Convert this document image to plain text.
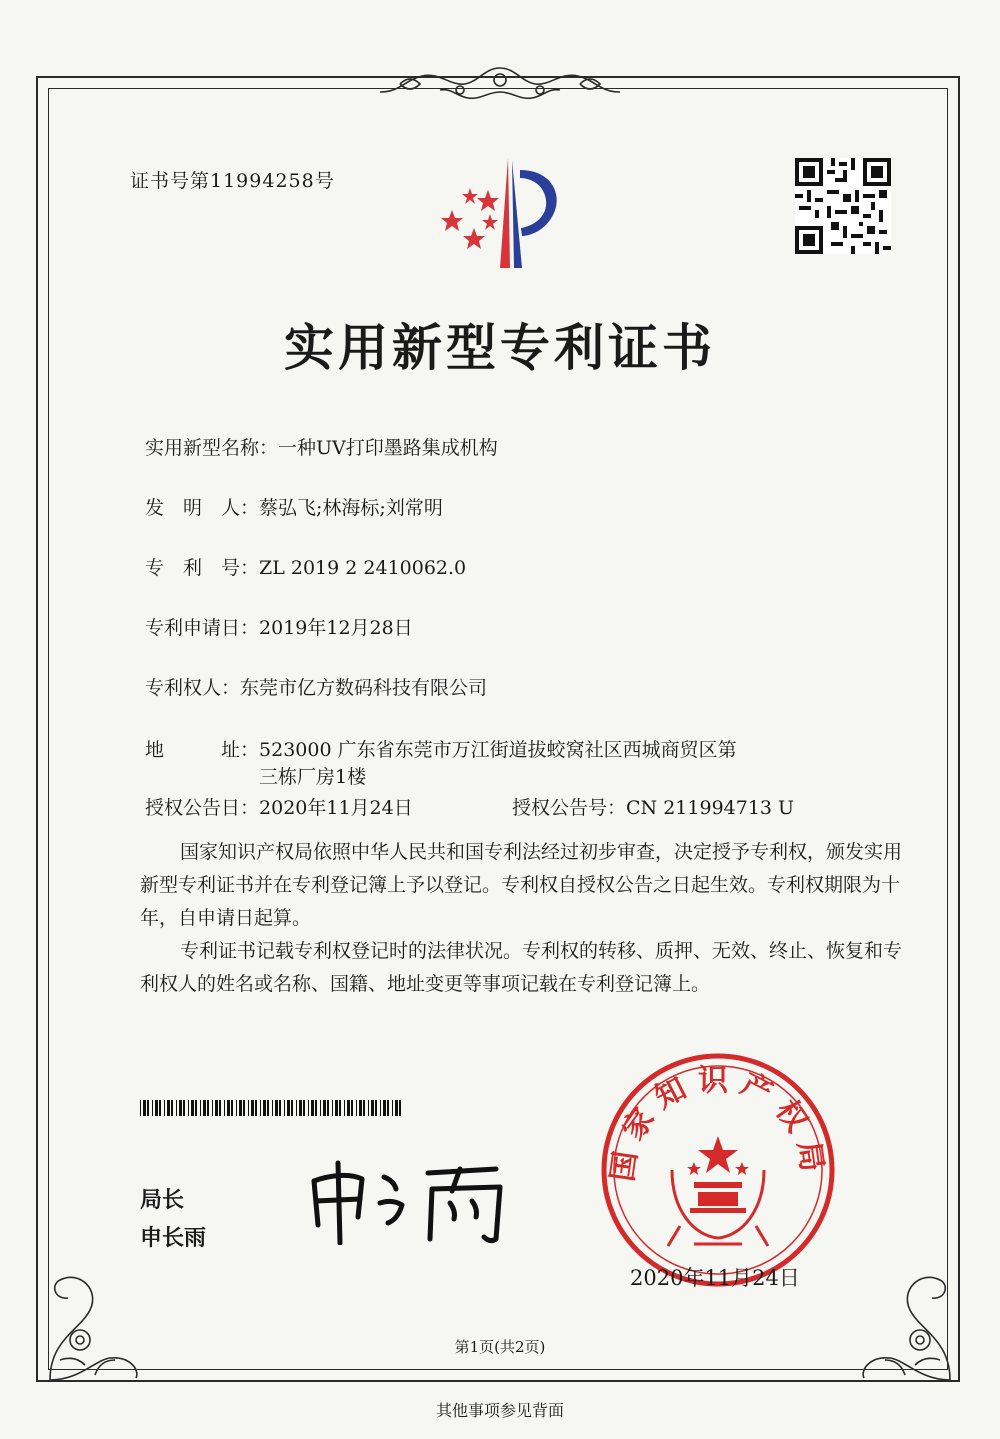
证书号第11994258号
实用新型专利证书
实用新型名称：一种UV打印墨路集成机构
发　明　人：蔡弘飞;林海标;刘常明
专　利　号：ZL 2019 2 2410062.0
专利申请日：2019年12月28日
专利权人：东莞市亿方数码科技有限公司
地　　　址：523000 广东省东莞市万江街道拔蛟窝社区西城商贸区第
三栋厂房1楼
授权公告日：2020年11月24日	授权公告号：CN 211994713 U
国家知识产权局依照中华人民共和国专利法经过初步审查，决定授予专利权，颁发实用
新型专利证书并在专利登记簿上予以登记。专利权自授权公告之日起生效。专利权期限为十
年，自申请日起算。
专利证书记载专利权登记时的法律状况。专利权的转移、质押、无效、终止、恢复和专
利权人的姓名或名称、国籍、地址变更等事项记载在专利登记簿上。
局长
申长雨
国家知识产权局
2020年11月24日
第1页(共2页)
其他事项参见背面
